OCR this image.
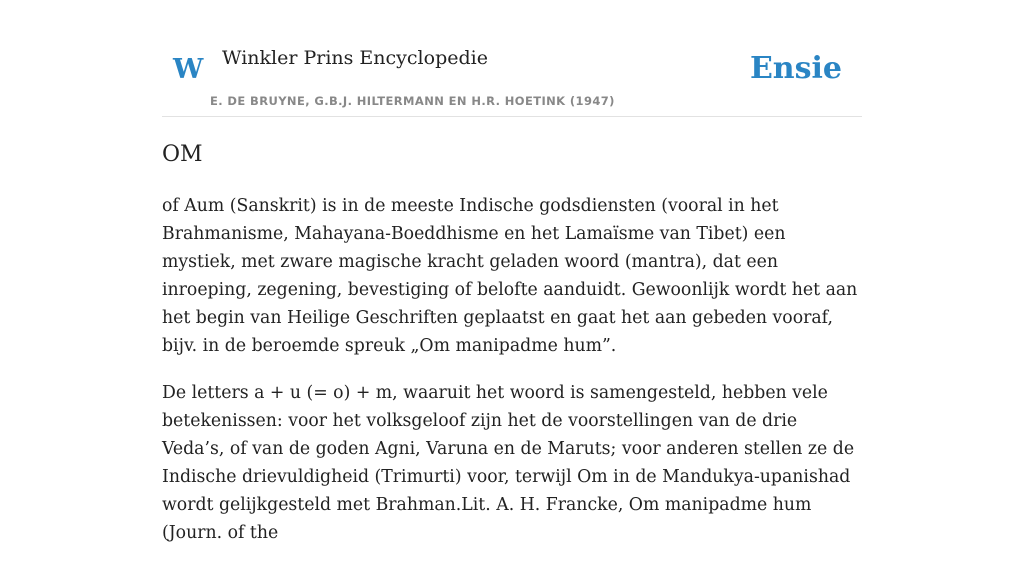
W Winkler Prins Encyclopedie
E. DE BRUYNE, G.B.J. HILTERMANN EN H.R. HOETINK (1947)
Ensie
OM

of Aum (Sanskrit) is in de meeste Indische godsdiensten (vooral in het Brahmanisme, Mahayana-Boeddhisme en het Lamaïsme van Tibet) een mystiek, met zware magische kracht geladen woord (mantra), dat een inroeping, zegening, bevestiging of belofte aanduidt. Gewoonlijk wordt het aan het begin van Heilige Geschriften geplaatst en gaat het aan gebeden vooraf, bijv. in de beroemde spreuk „Om manipadme hum”.

De letters a + u (= o) + m, waaruit het woord is samengesteld, hebben vele betekenissen: voor het volksgeloof zijn het de voorstellingen van de drie Veda’s, of van de goden Agni, Varuna en de Maruts; voor anderen stellen ze de Indische drievuldigheid (Trimurti) voor, terwijl Om in de Mandukya-upanishad wordt gelijkgesteld met Brahman.Lit. A. H. Francke, Om manipadme hum (Journ. of the
